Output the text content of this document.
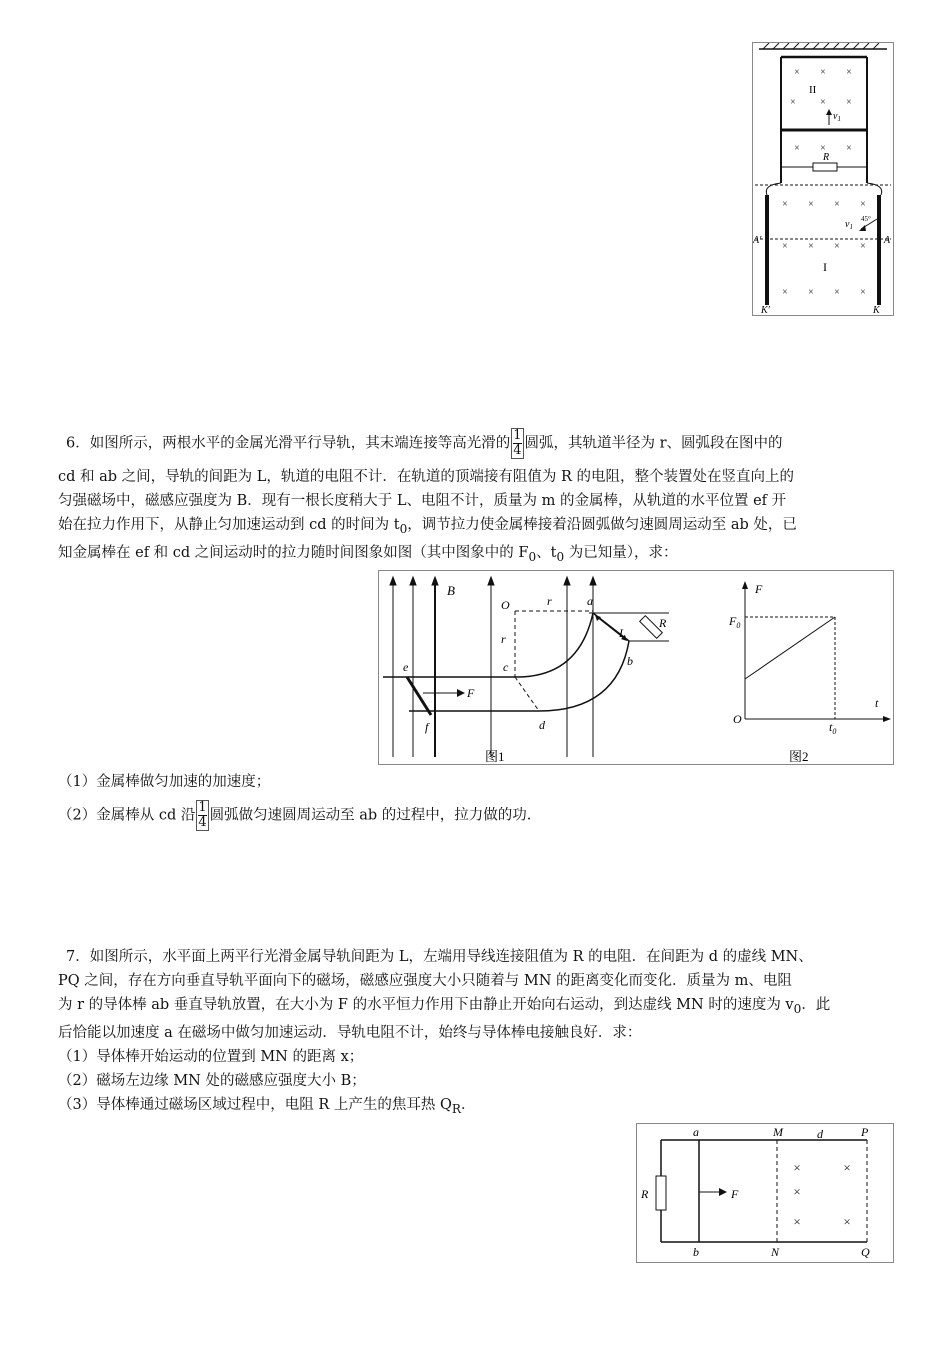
× × ×
× × ×
× × ×
II
$v_1$
R
× × × ×
× × × ×
× × × ×
$v_1$
45°
I
A′	A
K′	K
6．如图所示，两根水平的金属光滑平行导轨，其末端连接等高光滑的 $\frac{1}{4}$ 圆弧，其轨道半径为 r、圆弧段在图中的
cd 和 ab 之间，导轨的间距为 L，轨道的电阻不计．在轨道的顶端接有阻值为 R 的电阻，整个装置处在竖直向上的
匀强磁场中，磁感应强度为 B．现有一根长度稍大于 L、电阻不计，质量为 m 的金属棒，从轨道的水平位置 ef 开
始在拉力作用下，从静止匀加速运动到 cd 的时间为 $t_0$，调节拉力使金属棒接着沿圆弧做匀速圆周运动至 ab 处，已
知金属棒在 ef 和 cd 之间运动时的拉力随时间图象如图（其中图象中的 $F_0$、$t_0$ 为已知量），求：
B
R
L
O	r
r
a
b
c
d
e
f
F
图1
F
$F_0$
O
t
$t_0$
图2
（1）金属棒做匀加速的加速度；
（2）金属棒从 cd 沿 $\frac{1}{4}$ 圆弧做匀速圆周运动至 ab 的过程中，拉力做的功．
7．如图所示，水平面上两平行光滑金属导轨间距为 L，左端用导线连接阻值为 R 的电阻．在间距为 d 的虚线 MN、
PQ 之间，存在方向垂直导轨平面向下的磁场，磁感应强度大小只随着与 MN 的距离变化而变化．质量为 m、电阻
为 r 的导体棒 ab 垂直导轨放置，在大小为 F 的水平恒力作用下由静止开始向右运动，到达虚线 MN 时的速度为 $v_0$．此
后恰能以加速度 a 在磁场中做匀加速运动．导轨电阻不计，始终与导体棒电接触良好．求：
（1）导体棒开始运动的位置到 MN 的距离 x；
（2）磁场左边缘 MN 处的磁感应强度大小 B；
（3）导体棒通过磁场区域过程中，电阻 R 上产生的焦耳热 $Q_R$．
R	F
×	×
×
×	×
a	M	d	P
b	N	Q
